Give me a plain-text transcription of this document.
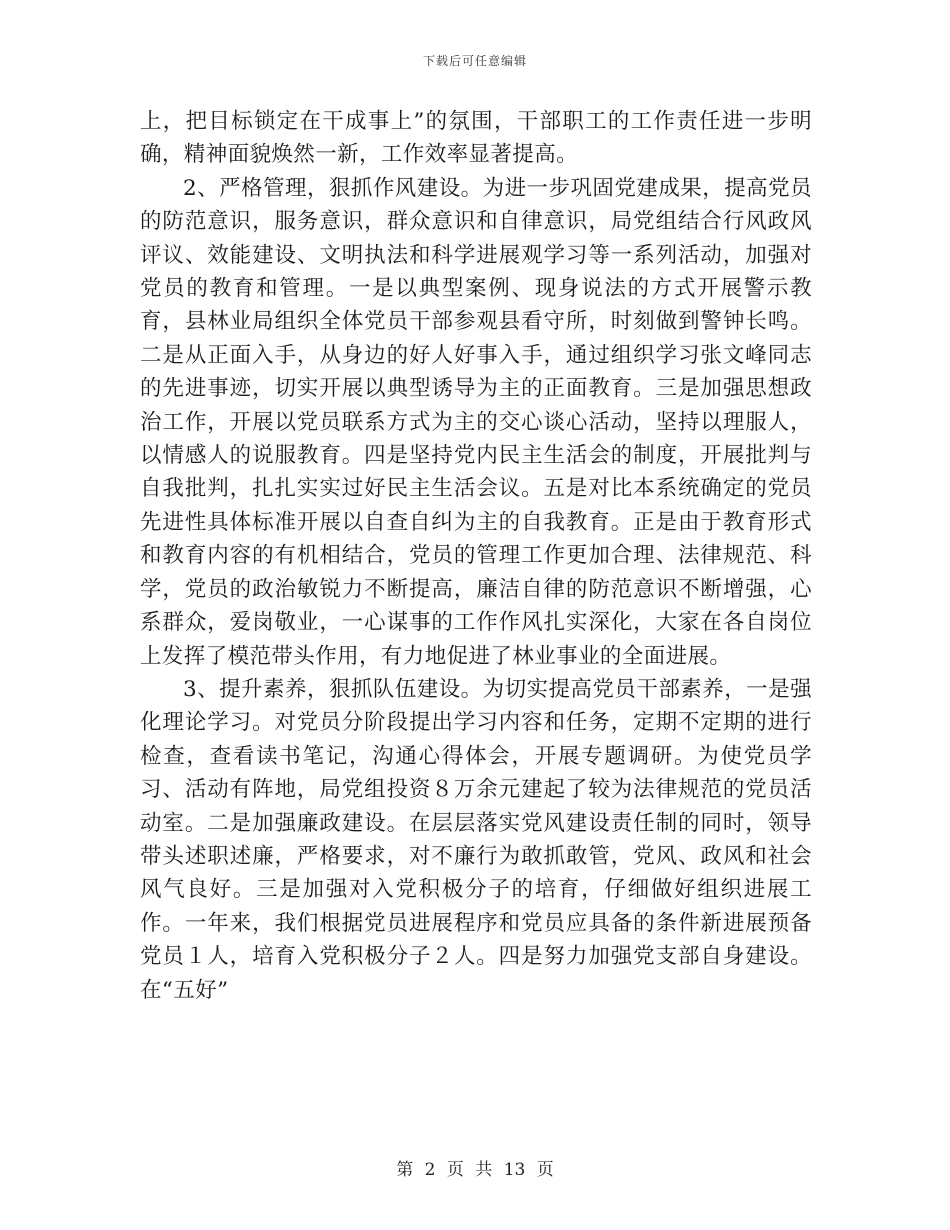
下载后可任意编辑

上，把目标锁定在干成事上”的氛围，干部职工的工作责任进一步明确，精神面貌焕然一新，工作效率显著提高。

2、严格管理，狠抓作风建设。为进一步巩固党建成果，提高党员的防范意识，服务意识，群众意识和自律意识，局党组结合行风政风评议、效能建设、文明执法和科学进展观学习等一系列活动，加强对党员的教育和管理。一是以典型案例、现身说法的方式开展警示教育，县林业局组织全体党员干部参观县看守所，时刻做到警钟长鸣。二是从正面入手，从身边的好人好事入手，通过组织学习张文峰同志的先进事迹，切实开展以典型诱导为主的正面教育。三是加强思想政治工作，开展以党员联系方式为主的交心谈心活动，坚持以理服人，以情感人的说服教育。四是坚持党内民主生活会的制度，开展批判与自我批判，扎扎实实过好民主生活会议。五是对比本系统确定的党员先进性具体标准开展以自查自纠为主的自我教育。正是由于教育形式和教育内容的有机相结合，党员的管理工作更加合理、法律规范、科学，党员的政治敏锐力不断提高，廉洁自律的防范意识不断增强，心系群众，爱岗敬业，一心谋事的工作作风扎实深化，大家在各自岗位上发挥了模范带头作用，有力地促进了林业事业的全面进展。

3、提升素养，狠抓队伍建设。为切实提高党员干部素养，一是强化理论学习。对党员分阶段提出学习内容和任务，定期不定期的进行检查，查看读书笔记，沟通心得体会，开展专题调研。为使党员学习、活动有阵地，局党组投资８万余元建起了较为法律规范的党员活动室。二是加强廉政建设。在层层落实党风建设责任制的同时，领导带头述职述廉，严格要求，对不廉行为敢抓敢管，党风、政风和社会风气良好。三是加强对入党积极分子的培育，仔细做好组织进展工作。一年来，我们根据党员进展程序和党员应具备的条件新进展预备党员１人，培育入党积极分子２人。四是努力加强党支部自身建设。在“五好”

第 2 页 共 13 页
